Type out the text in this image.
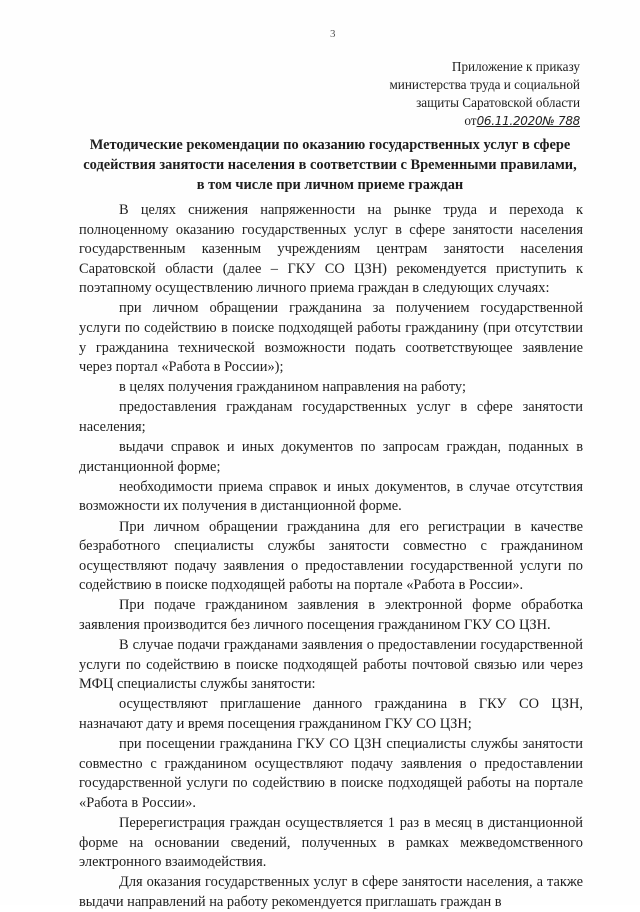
3
Приложение к приказу
министерства труда и социальной
защиты Саратовской области
от06.11.2020№ 788
Методические рекомендации по оказанию государственных услуг в сфере содействия занятости населения в соответствии с Временными правилами, в том числе при личном приеме граждан

В целях снижения напряженности на рынке труда и перехода к полноценному оказанию государственных услуг в сфере занятости населения государственным казенным учреждениям центрам занятости населения Саратовской области (далее – ГКУ СО ЦЗН) рекомендуется приступить к поэтапному осуществлению личного приема граждан в следующих случаях:

при личном обращении гражданина за получением государственной услуги по содействию в поиске подходящей работы гражданину (при отсутствии у гражданина технической возможности подать соответствующее заявление через портал «Работа в России»);

в целях получения гражданином направления на работу;

предоставления гражданам государственных услуг в сфере занятости населения;

выдачи справок и иных документов по запросам граждан, поданных в дистанционной форме;

необходимости приема справок и иных документов, в случае отсутствия возможности их получения в дистанционной форме.

При личном обращении гражданина для его регистрации в качестве безработного специалисты службы занятости совместно с гражданином осуществляют подачу заявления о предоставлении государственной услуги по содействию в поиске подходящей работы на портале «Работа в России».

При подаче гражданином заявления в электронной форме обработка заявления производится без личного посещения гражданином ГКУ СО ЦЗН.

В случае подачи гражданами заявления о предоставлении государственной услуги по содействию в поиске подходящей работы почтовой связью или через МФЦ специалисты службы занятости:

осуществляют приглашение данного гражданина в ГКУ СО ЦЗН, назначают дату и время посещения гражданином ГКУ СО ЦЗН;

при посещении гражданина ГКУ СО ЦЗН специалисты службы занятости совместно с гражданином осуществляют подачу заявления о предоставлении государственной услуги по содействию в поиске подходящей работы на портале «Работа в России».

Перерегистрация граждан осуществляется 1 раз в месяц в дистанционной форме на основании сведений, полученных в рамках межведомственного электронного взаимодействия.

Для оказания государственных услуг в сфере занятости населения, а также выдачи направлений на работу рекомендуется приглашать граждан в
